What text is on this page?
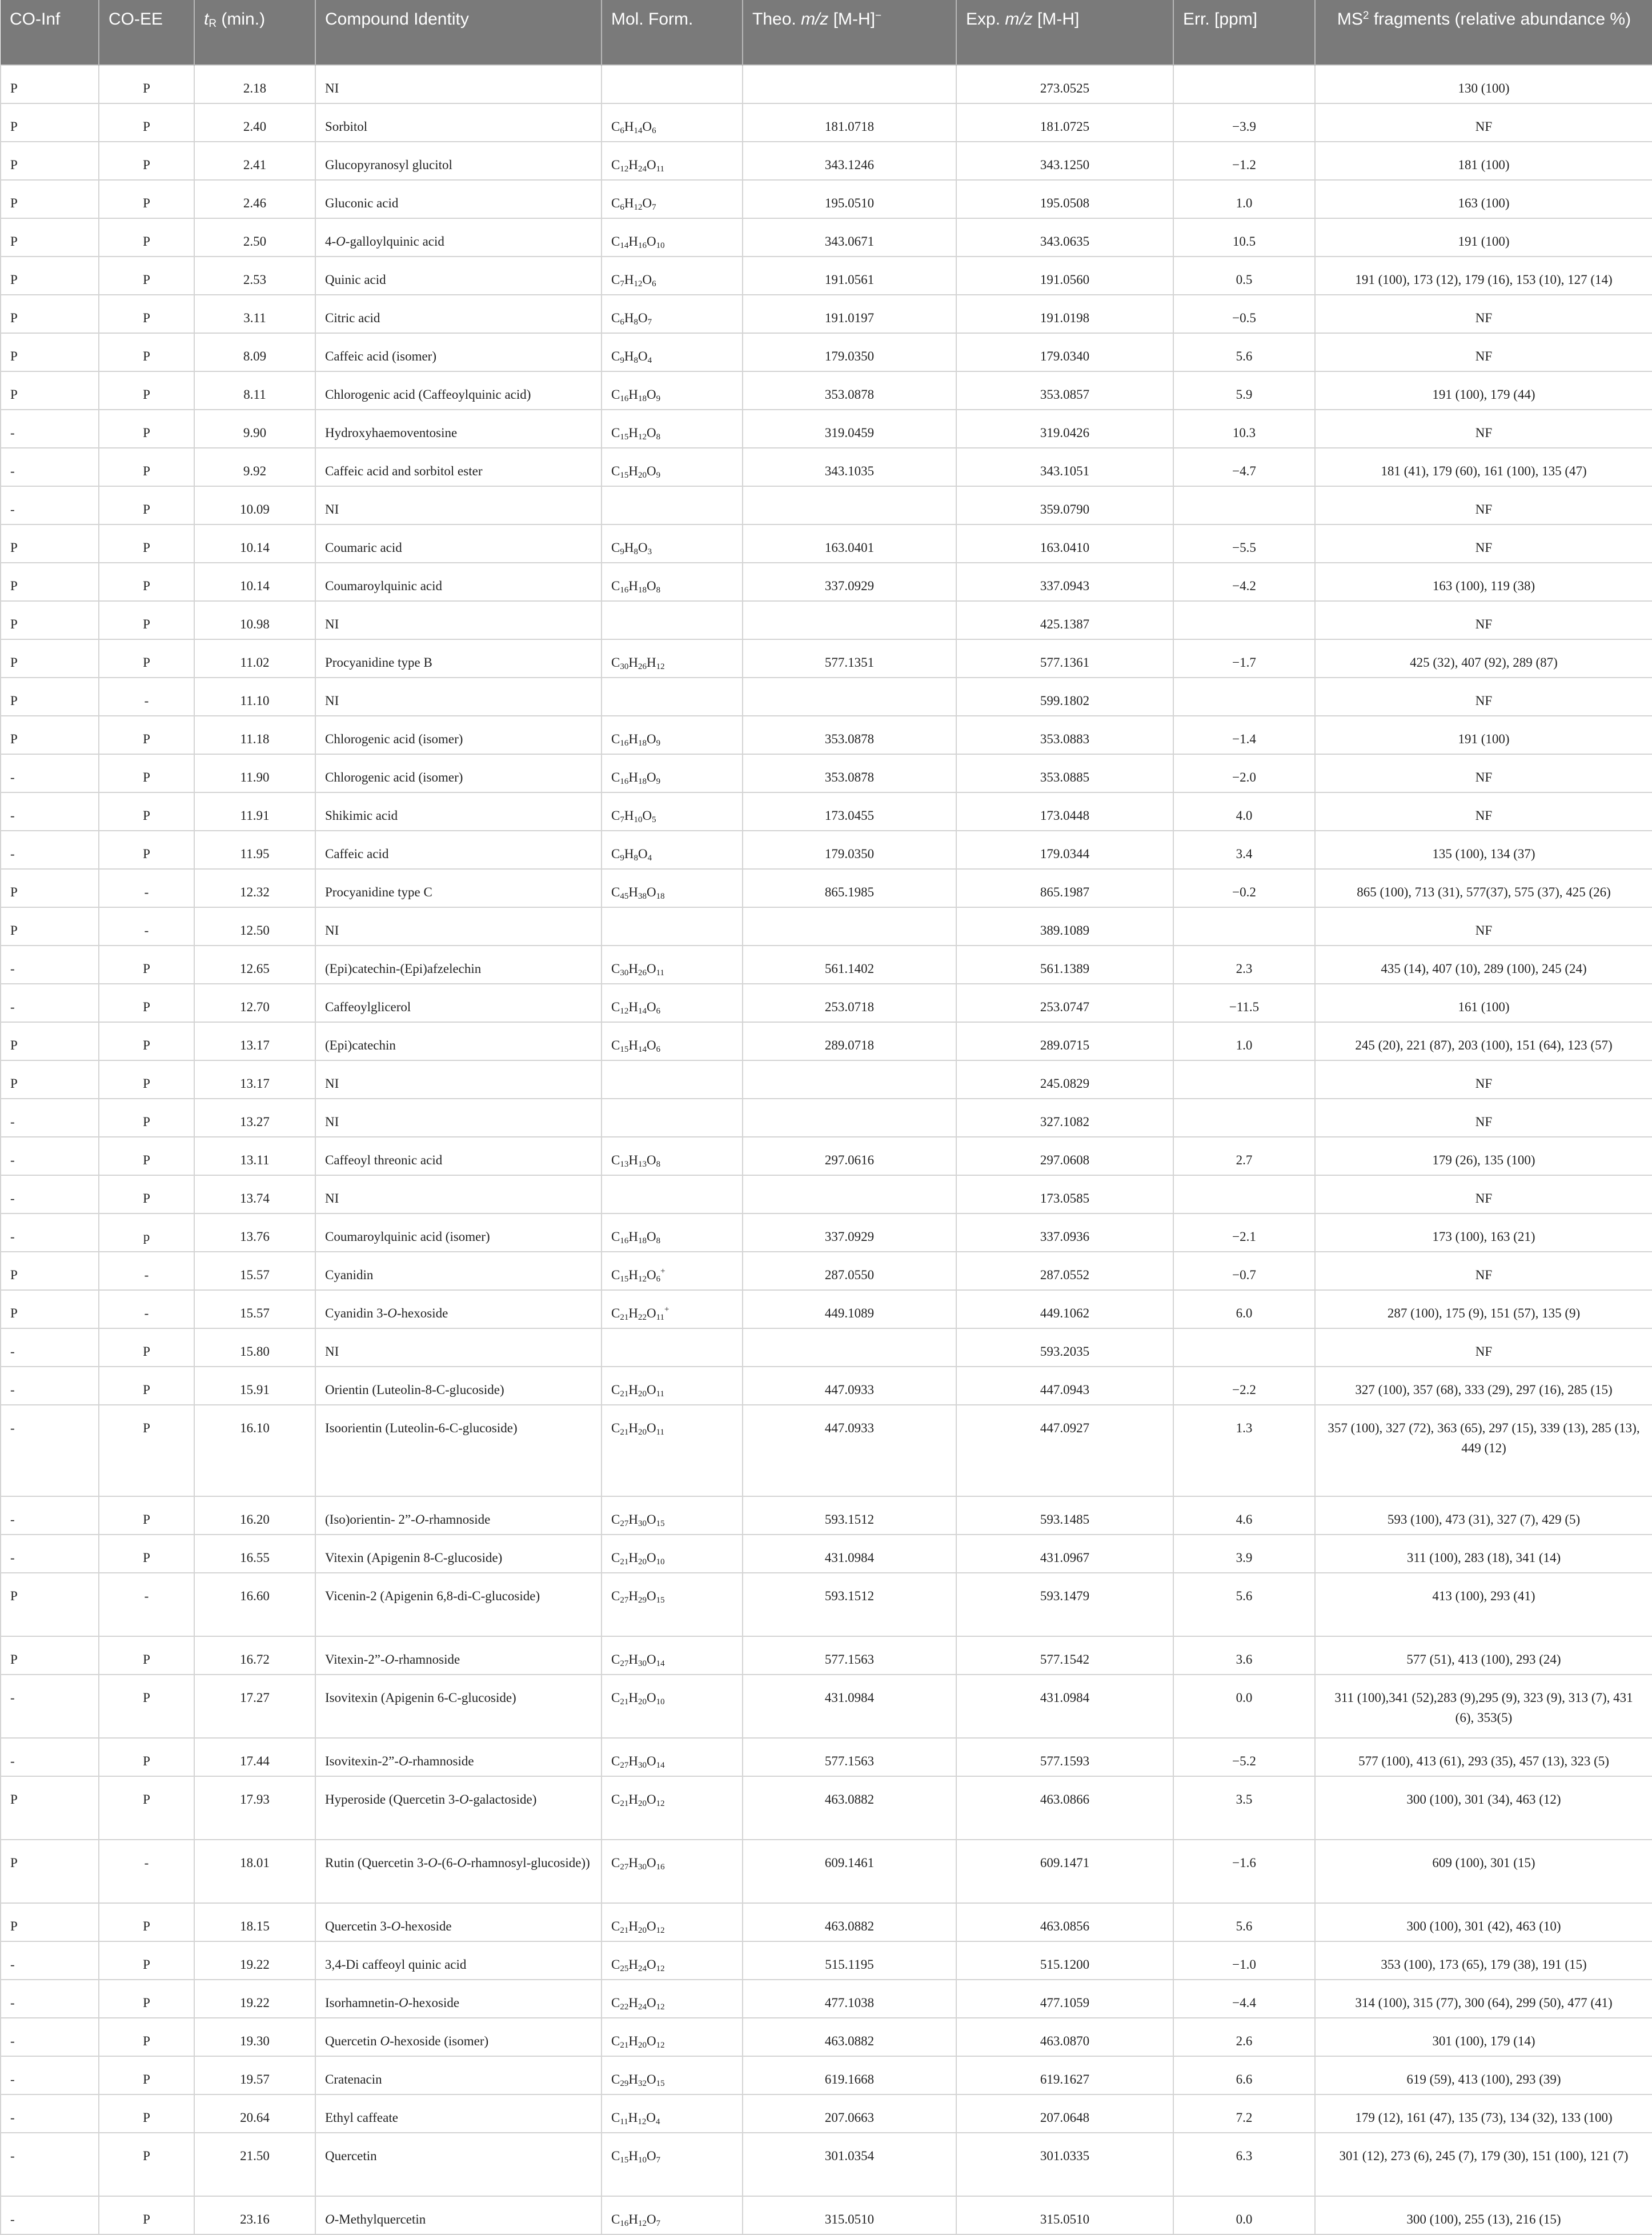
CO-Inf	CO-EE	$t_R$ (min.)	Compound Identity	Mol. Form.	Theo. m/z [M-H]−	Exp. m/z [M-H]	Err. [ppm]	$MS^2$ fragments (relative abundance %)
P	P	2.18	NI			273.0525		130 (100)
P	P	2.40	Sorbitol	$C_6H_{14}O_6$	181.0718	181.0725	−3.9	NF
P	P	2.41	Glucopyranosyl glucitol	$C_{12}H_{24}O_{11}$	343.1246	343.1250	−1.2	181 (100)
P	P	2.46	Gluconic acid	$C_6H_{12}O_7$	195.0510	195.0508	1.0	163 (100)
P	P	2.50	4-O-galloylquinic acid	$C_{14}H_{16}O_{10}$	343.0671	343.0635	10.5	191 (100)
P	P	2.53	Quinic acid	$C_7H_{12}O_6$	191.0561	191.0560	0.5	191 (100), 173 (12), 179 (16), 153 (10), 127 (14)
P	P	3.11	Citric acid	$C_6H_8O_7$	191.0197	191.0198	−0.5	NF
P	P	8.09	Caffeic acid (isomer)	$C_9H_8O_4$	179.0350	179.0340	5.6	NF
P	P	8.11	Chlorogenic acid (Caffeoylquinic acid)	$C_{16}H_{18}O_9$	353.0878	353.0857	5.9	191 (100), 179 (44)
-	P	9.90	Hydroxyhaemoventosine	$C_{15}H_{12}O_8$	319.0459	319.0426	10.3	NF
-	P	9.92	Caffeic acid and sorbitol ester	$C_{15}H_{20}O_9$	343.1035	343.1051	−4.7	181 (41), 179 (60), 161 (100), 135 (47)
-	P	10.09	NI			359.0790		NF
P	P	10.14	Coumaric acid	$C_9H_8O_3$	163.0401	163.0410	−5.5	NF
P	P	10.14	Coumaroylquinic acid	$C_{16}H_{18}O_8$	337.0929	337.0943	−4.2	163 (100), 119 (38)
P	P	10.98	NI			425.1387		NF
P	P	11.02	Procyanidine type B	$C_{30}H_{26}H_{12}$	577.1351	577.1361	−1.7	425 (32), 407 (92), 289 (87)
P	-	11.10	NI			599.1802		NF
P	P	11.18	Chlorogenic acid (isomer)	$C_{16}H_{18}O_9$	353.0878	353.0883	−1.4	191 (100)
-	P	11.90	Chlorogenic acid (isomer)	$C_{16}H_{18}O_9$	353.0878	353.0885	−2.0	NF
-	P	11.91	Shikimic acid	$C_7H_{10}O_5$	173.0455	173.0448	4.0	NF
-	P	11.95	Caffeic acid	$C_9H_8O_4$	179.0350	179.0344	3.4	135 (100), 134 (37)
P	-	12.32	Procyanidine type C	$C_{45}H_{38}O_{18}$	865.1985	865.1987	−0.2	865 (100), 713 (31), 577(37), 575 (37), 425 (26)
P	-	12.50	NI			389.1089		NF
-	P	12.65	(Epi)catechin-(Epi)afzelechin	$C_{30}H_{26}O_{11}$	561.1402	561.1389	2.3	435 (14), 407 (10), 289 (100), 245 (24)
-	P	12.70	Caffeoylglicerol	$C_{12}H_{14}O_6$	253.0718	253.0747	−11.5	161 (100)
P	P	13.17	(Epi)catechin	$C_{15}H_{14}O_6$	289.0718	289.0715	1.0	245 (20), 221 (87), 203 (100), 151 (64), 123 (57)
P	P	13.17	NI			245.0829		NF
-	P	13.27	NI			327.1082		NF
-	P	13.11	Caffeoyl threonic acid	$C_{13}H_{13}O_8$	297.0616	297.0608	2.7	179 (26), 135 (100)
-	P	13.74	NI			173.0585		NF
-	p	13.76	Coumaroylquinic acid (isomer)	$C_{16}H_{18}O_8$	337.0929	337.0936	−2.1	173 (100), 163 (21)
P	-	15.57	Cyanidin	$C_{15}H_{12}O_6^+$	287.0550	287.0552	−0.7	NF
P	-	15.57	Cyanidin 3-O-hexoside	$C_{21}H_{22}O_{11}^+$	449.1089	449.1062	6.0	287 (100), 175 (9), 151 (57), 135 (9)
-	P	15.80	NI			593.2035		NF
-	P	15.91	Orientin (Luteolin-8-C-glucoside)	$C_{21}H_{20}O_{11}$	447.0933	447.0943	−2.2	327 (100), 357 (68), 333 (29), 297 (16), 285 (15)
-	P	16.10	Isoorientin (Luteolin-6-C-glucoside)	$C_{21}H_{20}O_{11}$	447.0933	447.0927	1.3	357 (100), 327 (72), 363 (65), 297 (15), 339 (13), 285 (13), 449 (12)
-	P	16.20	(Iso)orientin- 2”-O-rhamnoside	$C_{27}H_{30}O_{15}$	593.1512	593.1485	4.6	593 (100), 473 (31), 327 (7), 429 (5)
-	P	16.55	Vitexin (Apigenin 8-C-glucoside)	$C_{21}H_{20}O_{10}$	431.0984	431.0967	3.9	311 (100), 283 (18), 341 (14)
P	-	16.60	Vicenin-2 (Apigenin 6,8-di-C-glucoside)	$C_{27}H_{29}O_{15}$	593.1512	593.1479	5.6	413 (100), 293 (41)
P	P	16.72	Vitexin-2”-O-rhamnoside	$C_{27}H_{30}O_{14}$	577.1563	577.1542	3.6	577 (51), 413 (100), 293 (24)
-	P	17.27	Isovitexin (Apigenin 6-C-glucoside)	$C_{21}H_{20}O_{10}$	431.0984	431.0984	0.0	311 (100),341 (52),283 (9),295 (9), 323 (9), 313 (7), 431 (6), 353(5)
-	P	17.44	Isovitexin-2”-O-rhamnoside	$C_{27}H_{30}O_{14}$	577.1563	577.1593	−5.2	577 (100), 413 (61), 293 (35), 457 (13), 323 (5)
P	P	17.93	Hyperoside (Quercetin 3-O-galactoside)	$C_{21}H_{20}O_{12}$	463.0882	463.0866	3.5	300 (100), 301 (34), 463 (12)
P	-	18.01	Rutin (Quercetin 3-O-(6-O-rhamnosyl-glucoside))	$C_{27}H_{30}O_{16}$	609.1461	609.1471	−1.6	609 (100), 301 (15)
P	P	18.15	Quercetin 3-O-hexoside	$C_{21}H_{20}O_{12}$	463.0882	463.0856	5.6	300 (100), 301 (42), 463 (10)
-	P	19.22	3,4-Di caffeoyl quinic acid	$C_{25}H_{24}O_{12}$	515.1195	515.1200	−1.0	353 (100), 173 (65), 179 (38), 191 (15)
-	P	19.22	Isorhamnetin-O-hexoside	$C_{22}H_{24}O_{12}$	477.1038	477.1059	−4.4	314 (100), 315 (77), 300 (64), 299 (50), 477 (41)
-	P	19.30	Quercetin O-hexoside (isomer)	$C_{21}H_{20}O_{12}$	463.0882	463.0870	2.6	301 (100), 179 (14)
-	P	19.57	Cratenacin	$C_{29}H_{32}O_{15}$	619.1668	619.1627	6.6	619 (59), 413 (100), 293 (39)
-	P	20.64	Ethyl caffeate	$C_{11}H_{12}O_4$	207.0663	207.0648	7.2	179 (12), 161 (47), 135 (73), 134 (32), 133 (100)
-	P	21.50	Quercetin	$C_{15}H_{10}O_7$	301.0354	301.0335	6.3	301 (12), 273 (6), 245 (7), 179 (30), 151 (100), 121 (7)
-	P	23.16	O-Methylquercetin	$C_{16}H_{12}O_7$	315.0510	315.0510	0.0	300 (100), 255 (13), 216 (15)
